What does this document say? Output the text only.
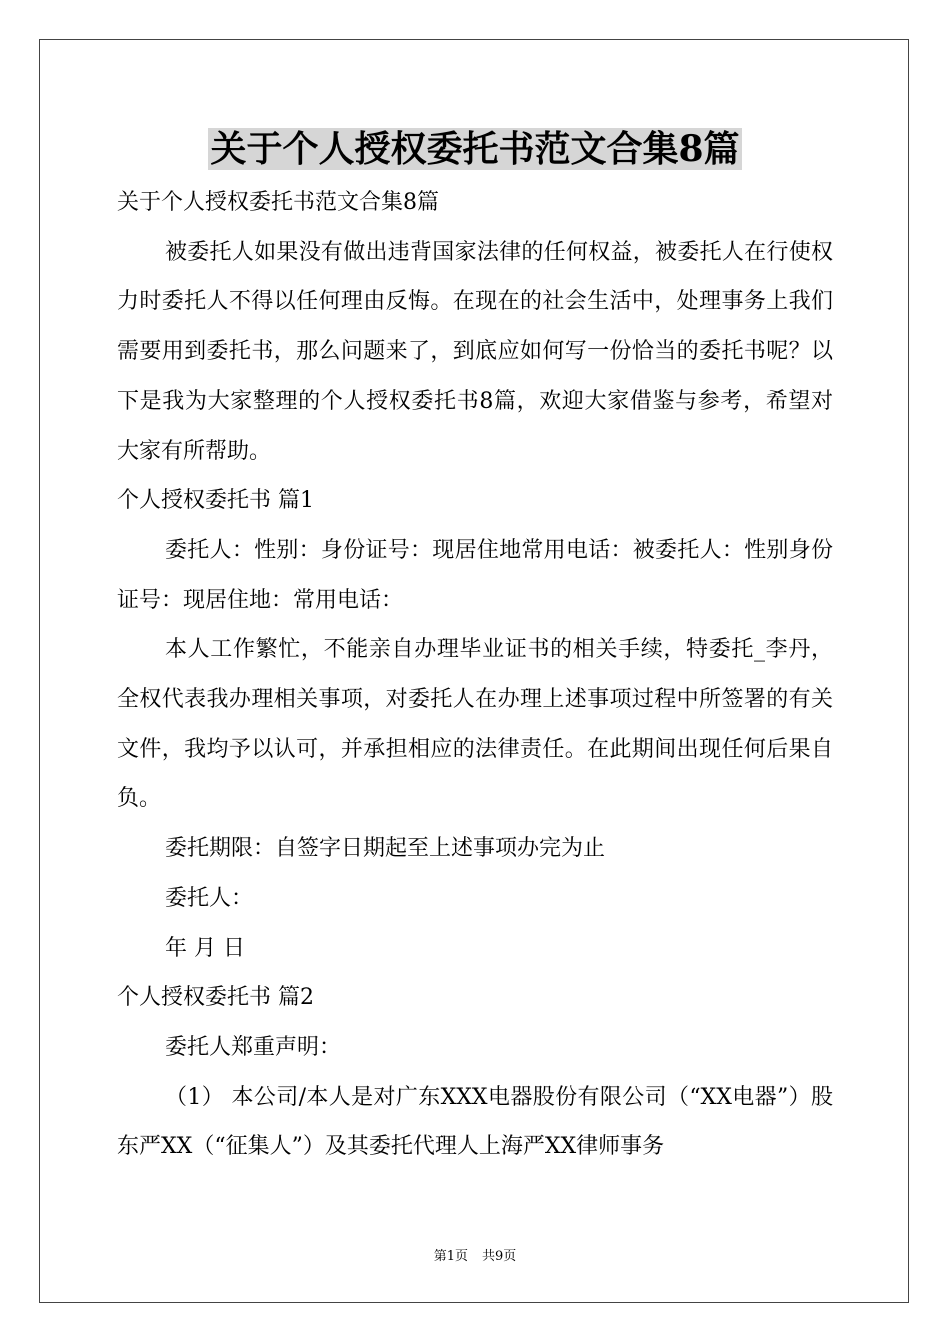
关于个人授权委托书范文合集8篇

关于个人授权委托书范文合集8篇

被委托人如果没有做出违背国家法律的任何权益，被委托人在行使权力时委托人不得以任何理由反悔。在现在的社会生活中，处理事务上我们需要用到委托书，那么问题来了，到底应如何写一份恰当的委托书呢？以下是我为大家整理的个人授权委托书8篇，欢迎大家借鉴与参考，希望对大家有所帮助。

个人授权委托书 篇1

委托人：性别：身份证号：现居住地常用电话：被委托人：性别身份证号：现居住地：常用电话：

本人工作繁忙，不能亲自办理毕业证书的相关手续，特委托_李丹，全权代表我办理相关事项，对委托人在办理上述事项过程中所签署的有关文件，我均予以认可，并承担相应的法律责任。在此期间出现任何后果自负。

委托期限：自签字日期起至上述事项办完为止

委托人：

年 月 日

个人授权委托书 篇2

委托人郑重声明：

（1） 本公司/本人是对广东XXX电器股份有限公司（“XX电器”）股东严XX（“征集人”）及其委托代理人上海严XX律师事务

第1页 共9页
